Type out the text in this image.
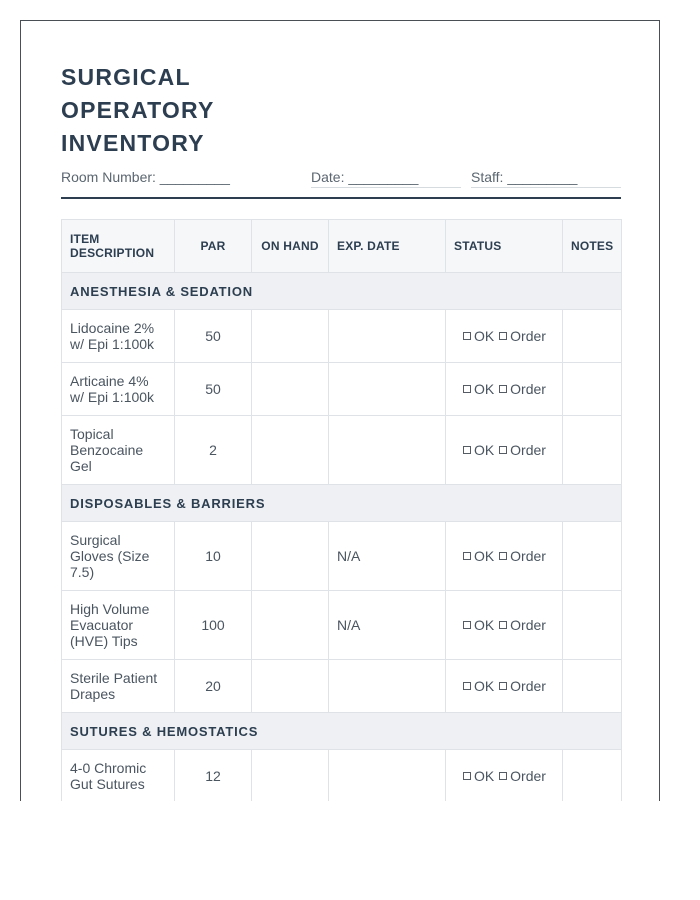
SURGICAL
OPERATORY
INVENTORY
Room Number: _________	Date: _________	Staff: _________
ITEM DESCRIPTION	PAR	ON HAND	EXP. DATE	STATUS	NOTES
ANESTHESIA & SEDATION					
Lidocaine 2% w/ Epi 1:100k	50			OK Order	
Articaine 4% w/ Epi 1:100k	50			OK Order	
Topical Benzocaine Gel	2			OK Order	
DISPOSABLES & BARRIERS					
Surgical Gloves (Size 7.5)	10		N/A	OK Order	
High Volume Evacuator (HVE) Tips	100		N/A	OK Order	
Sterile Patient Drapes	20			OK Order	
SUTURES & HEMOSTATICS					
4-0 Chromic Gut Sutures	12			OK Order	
